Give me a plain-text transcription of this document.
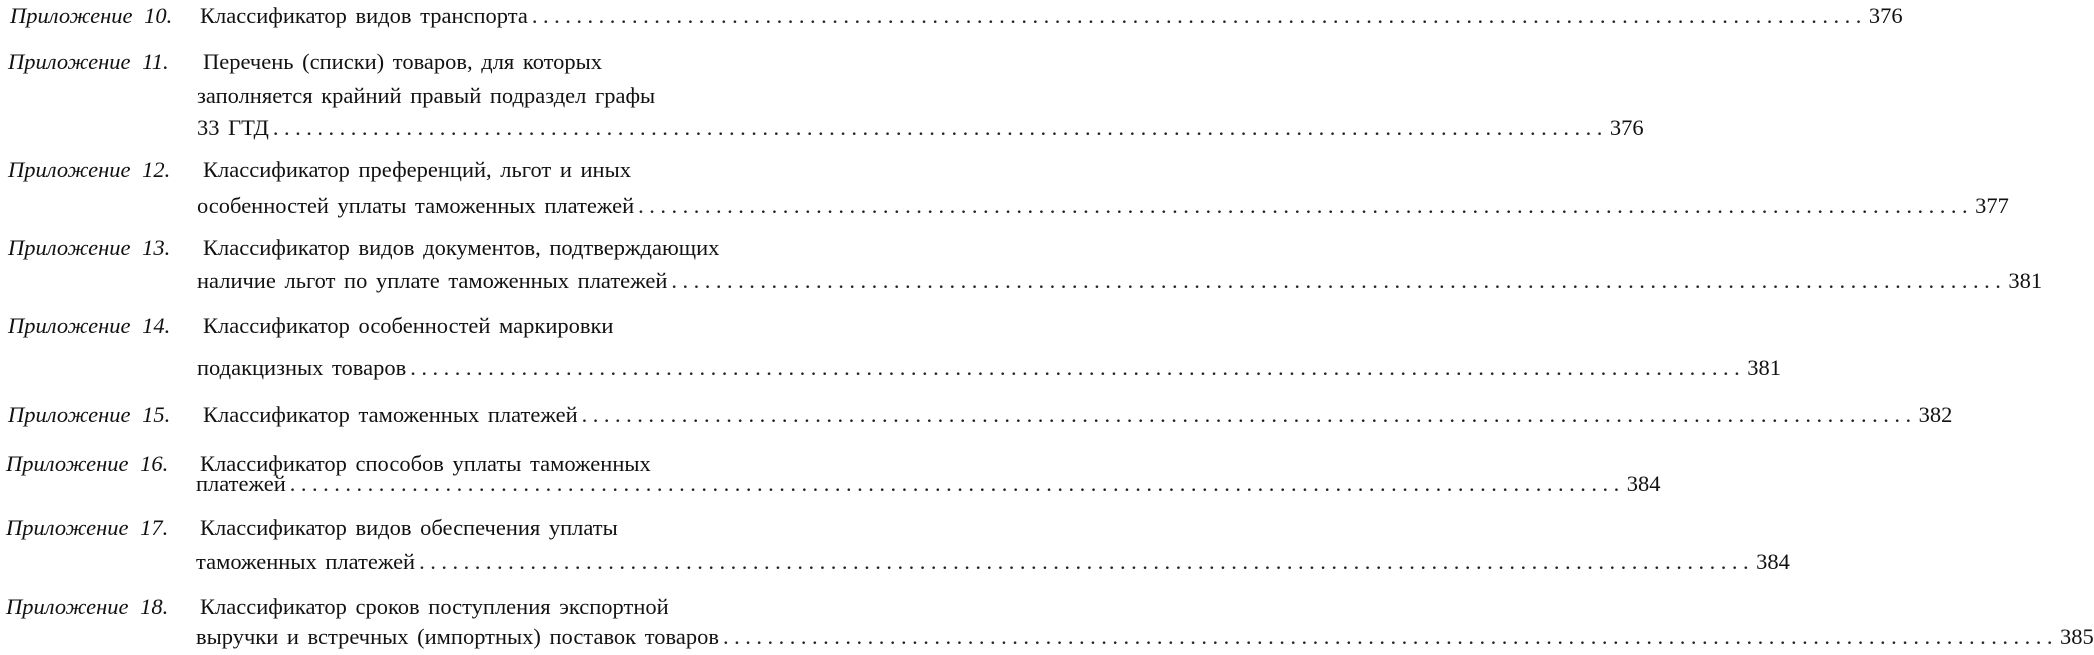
Приложение 10. Классификатор видов транспорта ........................................................................................................................ 376
Приложение 11. Перечень (списки) товаров, для которых
заполняется крайний правый подраздел графы
33 ГТД ........................................................................................................................ 376
Приложение 12. Классификатор преференций, льгот и иных
особенностей уплаты таможенных платежей ........................................................................................................................ 377
Приложение 13. Классификатор видов документов, подтверждающих
наличие льгот по уплате таможенных платежей ........................................................................................................................ 381
Приложение 14. Классификатор особенностей маркировки
подакцизных товаров ........................................................................................................................ 381
Приложение 15. Классификатор таможенных платежей ........................................................................................................................ 382
Приложение 16. Классификатор способов уплаты таможенных
платежей ........................................................................................................................ 384
Приложение 17. Классификатор видов обеспечения уплаты
таможенных платежей ........................................................................................................................ 384
Приложение 18. Классификатор сроков поступления экспортной
выручки и встречных (импортных) поставок товаров ........................................................................................................................ 385
